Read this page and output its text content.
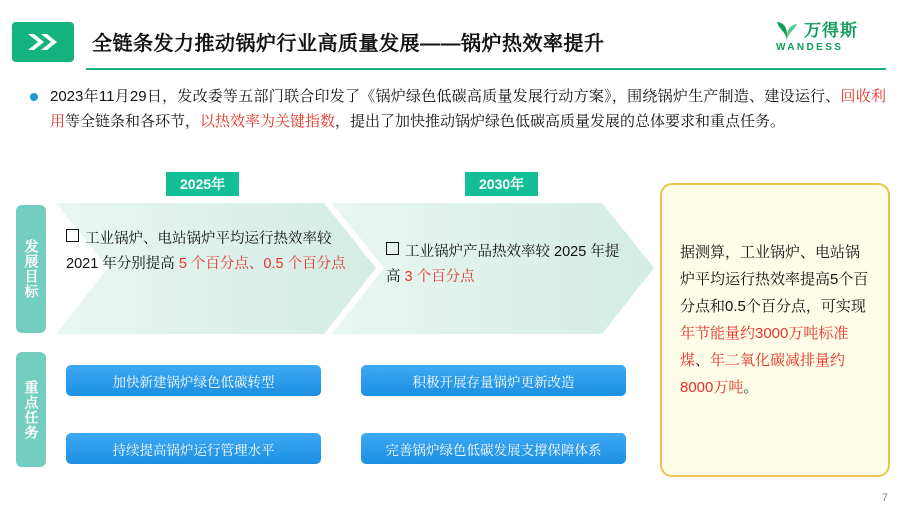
全链条发力推动锅炉行业高质量发展——锅炉热效率提升
万得斯
WANDESS
2023年11月29日，发改委等五部门联合印发了《锅炉绿色低碳高质量发展行动方案》，围绕锅炉生产制造、建设运行、回收利用等全链条和各环节，以热效率为关键指数，提出了加快推动锅炉绿色低碳高质量发展的总体要求和重点任务。
发展目标
重点任务
2025年	2030年
工业锅炉、电站锅炉平均运行热效率较 2021 年分别提高 5 个百分点、0.5 个百分点
工业锅炉产品热效率较 2025 年提高 3 个百分点
加快新建锅炉绿色低碳转型	积极开展存量锅炉更新改造
持续提高锅炉运行管理水平	完善锅炉绿色低碳发展支撑保障体系
据测算，工业锅炉、电站锅炉平均运行热效率提高5个百分点和0.5个百分点，可实现年节能量约3000万吨标准煤、年二氧化碳减排量约8000万吨。
7
